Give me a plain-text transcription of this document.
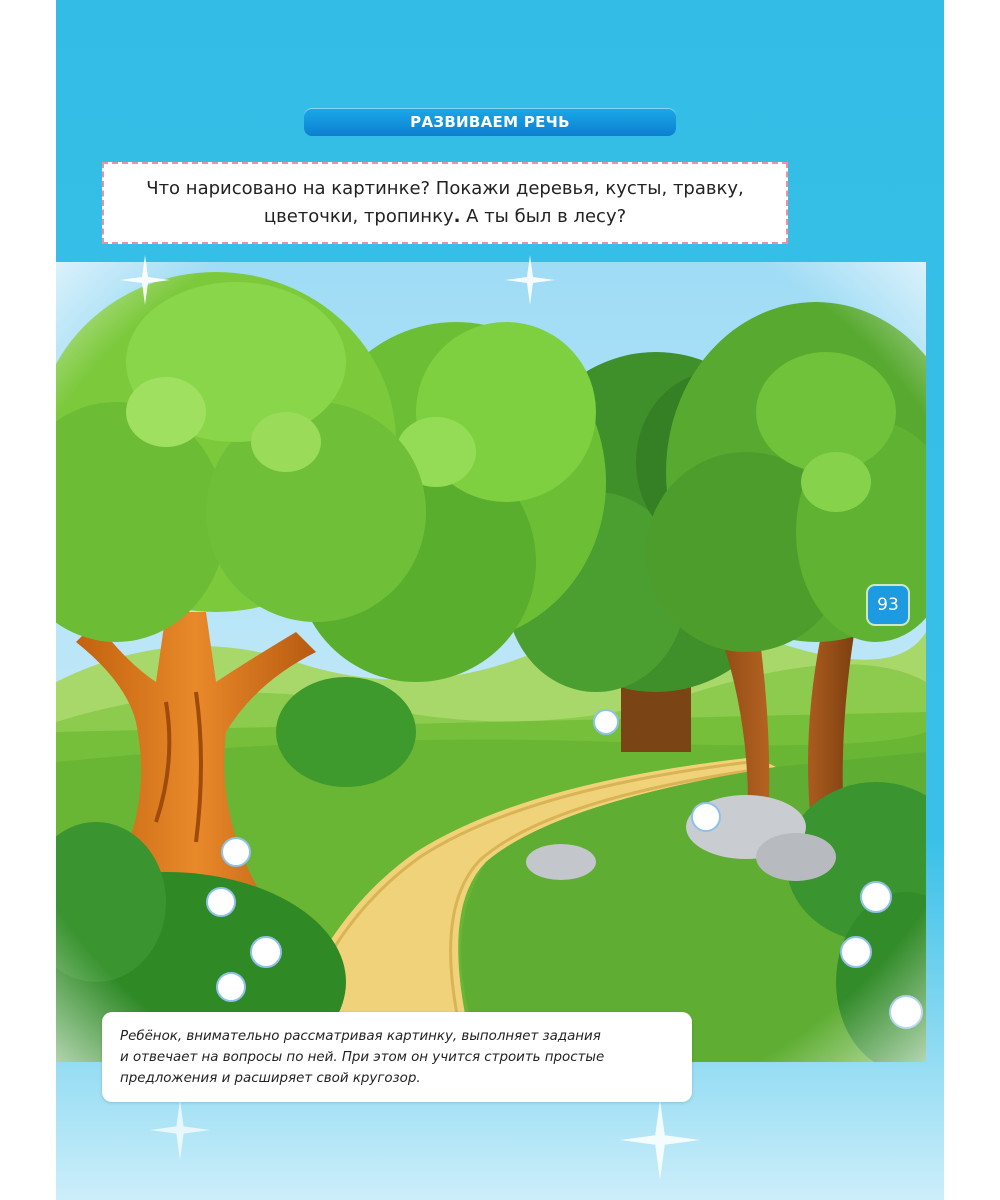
РАЗВИВАЕМ РЕЧЬ
Что нарисовано на картинке? Покажи деревья, кусты, травку,
цветочки, тропинку. А ты был в лесу?
93

Ребёнок, внимательно рассматривая картинку, выполняет задания

и отвечает на вопросы по ней. При этом он учится строить простые

предложения и расширяет свой кругозор.
